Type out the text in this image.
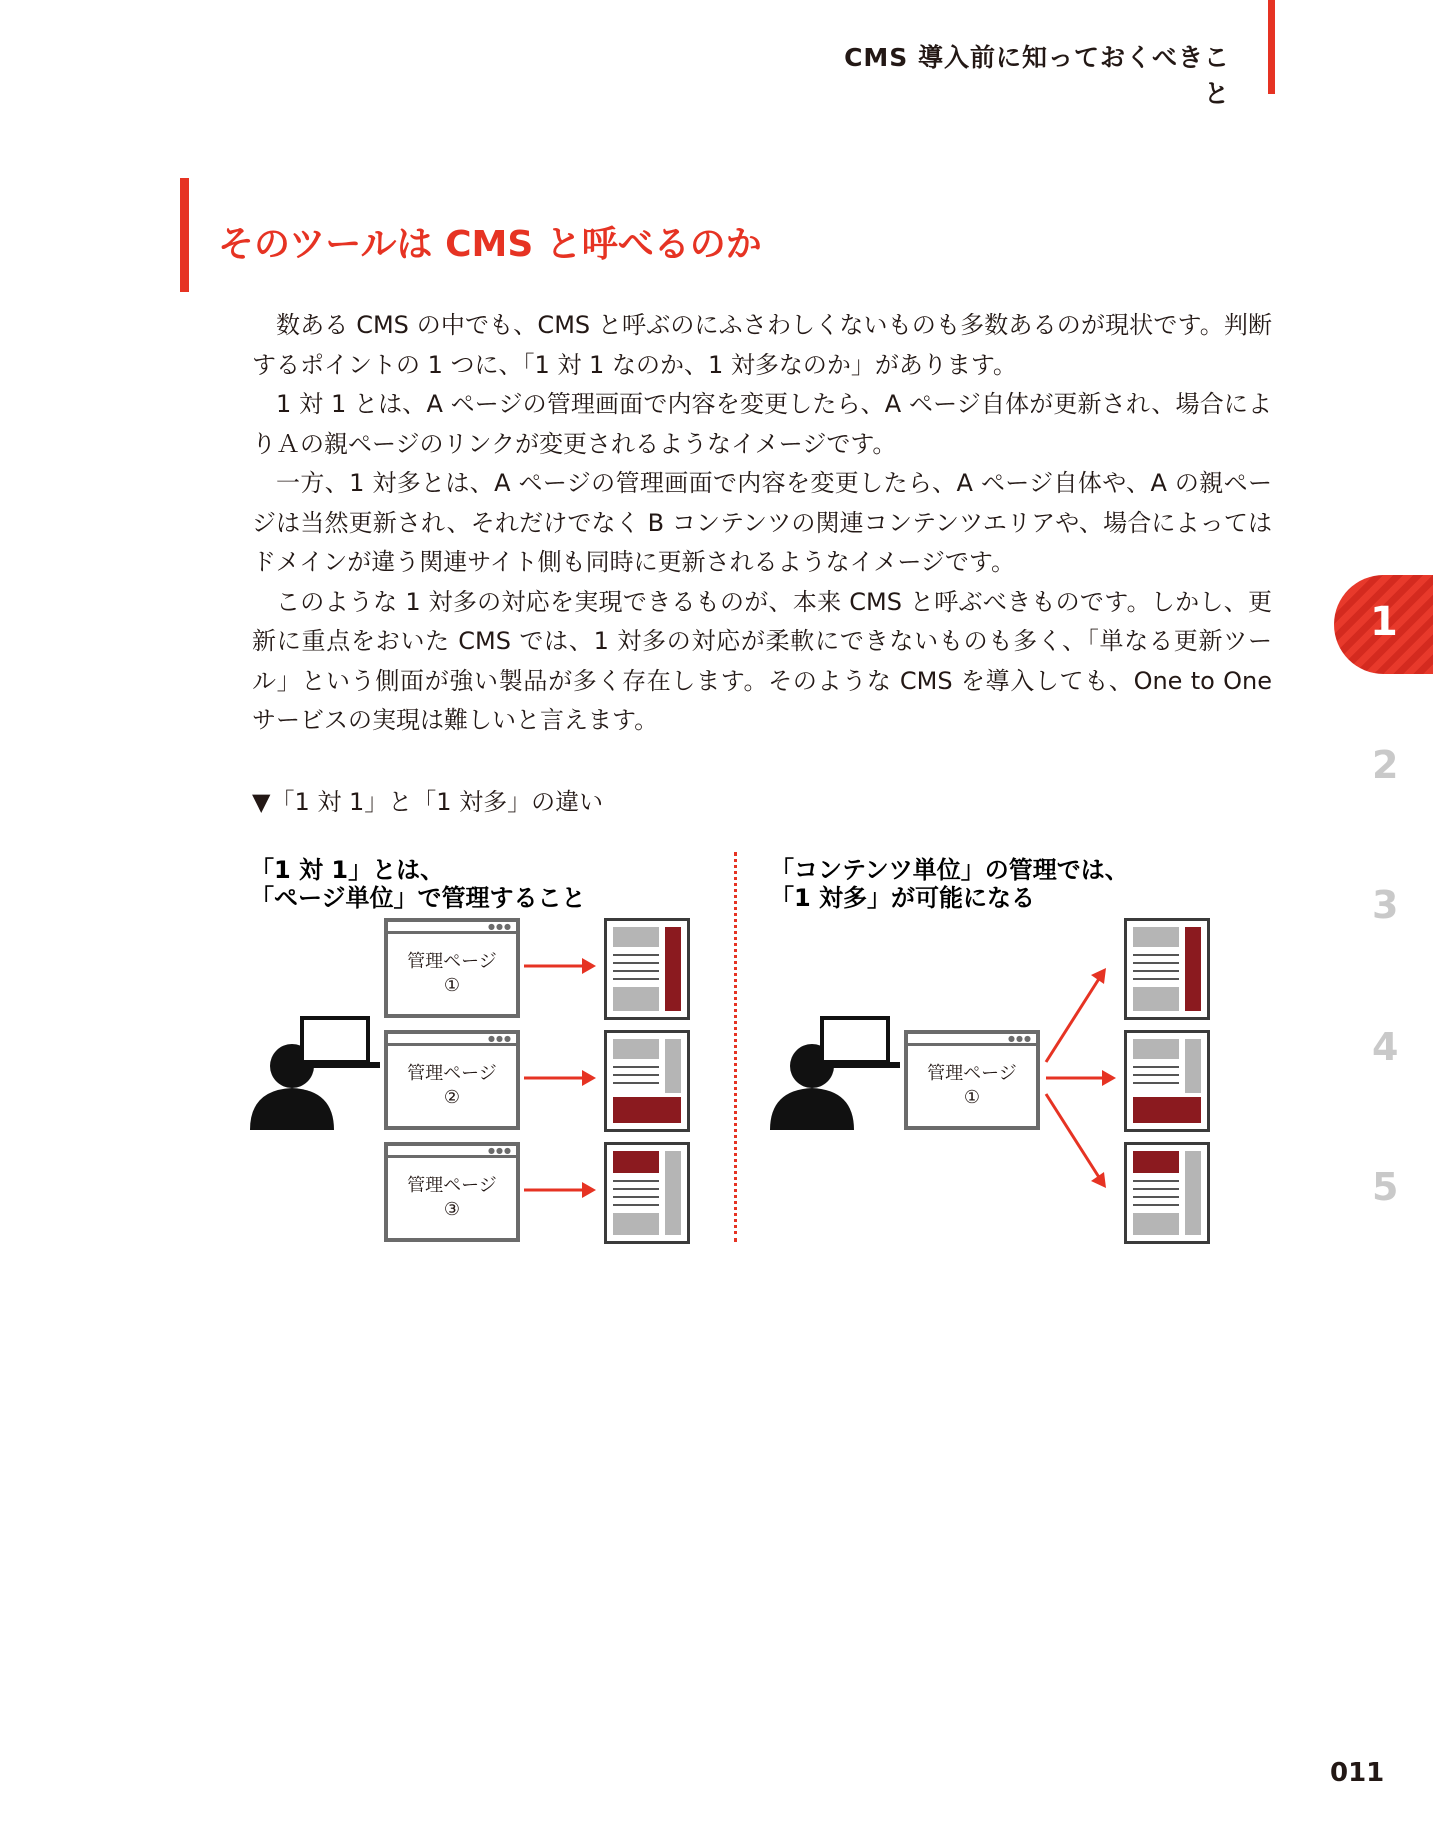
CMS 導入前に知っておくべきこと
そのツールは CMS と呼べるのか

数ある CMS の中でも、CMS と呼ぶのにふさわしくないものも多数あるのが現状です。判断するポイントの 1 つに、「1 対 1 なのか、1 対多なのか」があります。

1 対 1 とは、A ページの管理画面で内容を変更したら、A ページ自体が更新され、場合によりＡの親ページのリンクが変更されるようなイメージです。

一方、1 対多とは、A ページの管理画面で内容を変更したら、A ページ自体や、A の親ページは当然更新され、それだけでなく B コンテンツの関連コンテンツエリアや、場合によってはドメインが違う関連サイト側も同時に更新されるようなイメージです。

このような 1 対多の対応を実現できるものが、本来 CMS と呼ぶべきものです。しかし、更新に重点をおいた CMS では、1 対多の対応が柔軟にできないものも多く、「単なる更新ツール」という側面が強い製品が多く存在します。そのような CMS を導入しても、One to One サービスの実現は難しいと言えます。

▼「1 対 1」と「1 対多」の違い
「1 対 1」とは、
「ページ単位」で管理すること
「コンテンツ単位」の管理では、
「1 対多」が可能になる
●●●
管理ページ
①
●●●
管理ページ
②
●●●
管理ページ
③
●●●
管理ページ
①
1
2
3
4
5
011
